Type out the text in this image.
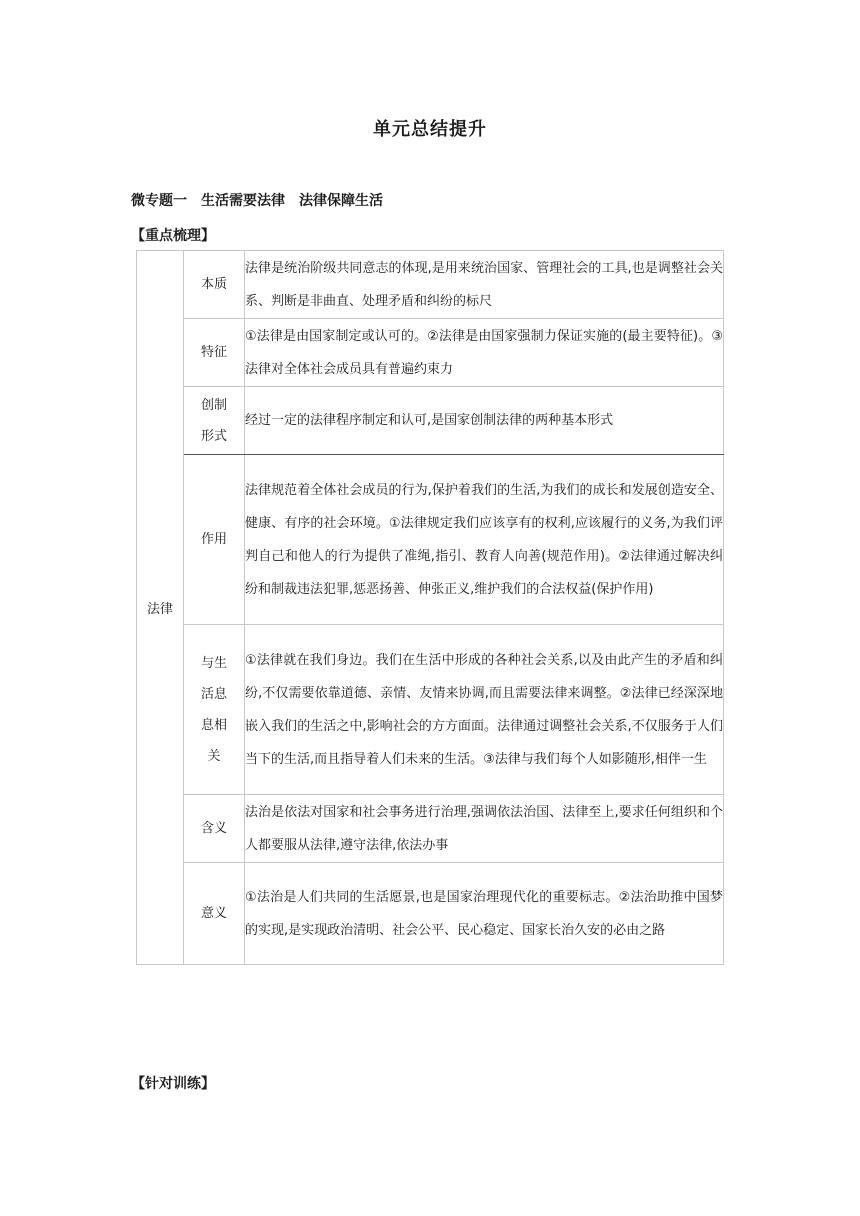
单元总结提升
微专题一　生活需要法律　法律保障生活
【重点梳理】
法律	本质	法律是统治阶级共同意志的体现,是用来统治国家、管理社会的工具,也是调整社会关系、判断是非曲直、处理矛盾和纠纷的标尺
	特征	①法律是由国家制定或认可的。②法律是由国家强制力保证实施的(最主要特征)。③法律对全体社会成员具有普遍约束力
	创制形式	经过一定的法律程序制定和认可,是国家创制法律的两种基本形式
	作用	法律规范着全体社会成员的行为,保护着我们的生活,为我们的成长和发展创造安全、健康、有序的社会环境。①法律规定我们应该享有的权利,应该履行的义务,为我们评判自己和他人的行为提供了准绳,指引、教育人向善(规范作用)。②法律通过解决纠纷和制裁违法犯罪,惩恶扬善、伸张正义,维护我们的合法权益(保护作用)
	与生活息息相关	①法律就在我们身边。我们在生活中形成的各种社会关系,以及由此产生的矛盾和纠纷,不仅需要依靠道德、亲情、友情来协调,而且需要法律来调整。②法律已经深深地嵌入我们的生活之中,影响社会的方方面面。法律通过调整社会关系,不仅服务于人们当下的生活,而且指导着人们未来的生活。③法律与我们每个人如影随形,相伴一生
	含义	法治是依法对国家和社会事务进行治理,强调依法治国、法律至上,要求任何组织和个人都要服从法律,遵守法律,依法办事
	意义	①法治是人们共同的生活愿景,也是国家治理现代化的重要标志。②法治助推中国梦的实现,是实现政治清明、社会公平、民心稳定、国家长治久安的必由之路
【针对训练】
